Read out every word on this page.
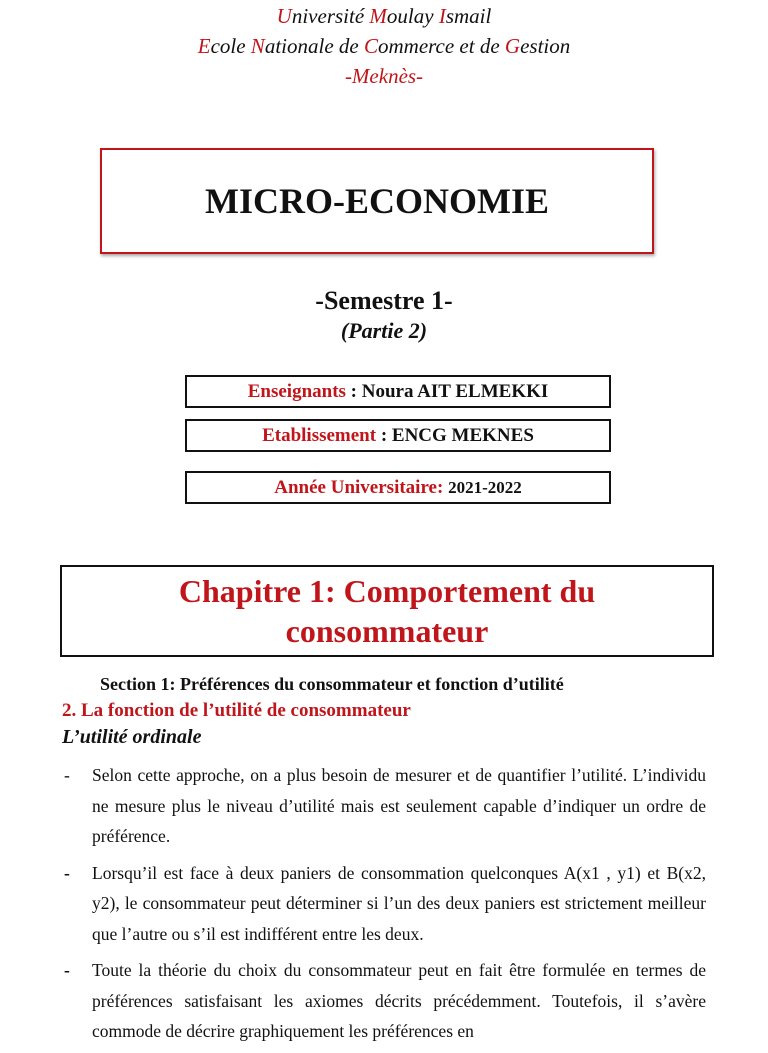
Université Moulay Ismail
Ecole Nationale de Commerce et de Gestion
-Meknès-
MICRO-ECONOMIE
-Semestre 1-
(Partie 2)
Enseignants : Noura AIT ELMEKKI
Etablissement : ENCG MEKNES
Année Universitaire:
2021-2022
Chapitre 1: Comportement du
consommateur
Section 1: Préférences du consommateur et fonction d’utilité
2. La fonction de l’utilité de consommateur
L’utilité ordinale
- Selon cette approche, on a plus besoin de mesurer et de quantifier l’utilité. L’individu ne mesure plus le niveau d’utilité mais est seulement capable d’indiquer un ordre de préférence.
- Lorsqu’il est face à deux paniers de consommation quelconques A(x1 , y1) et B(x2, y2), le consommateur peut déterminer si l’un des deux paniers est strictement meilleur que l’autre ou s’il est indifférent entre les deux.
- Toute la théorie du choix du consommateur peut en fait être formulée en termes de préférences satisfaisant les axiomes décrits précédemment. Toutefois, il s’avère commode de décrire graphiquement les préférences en
